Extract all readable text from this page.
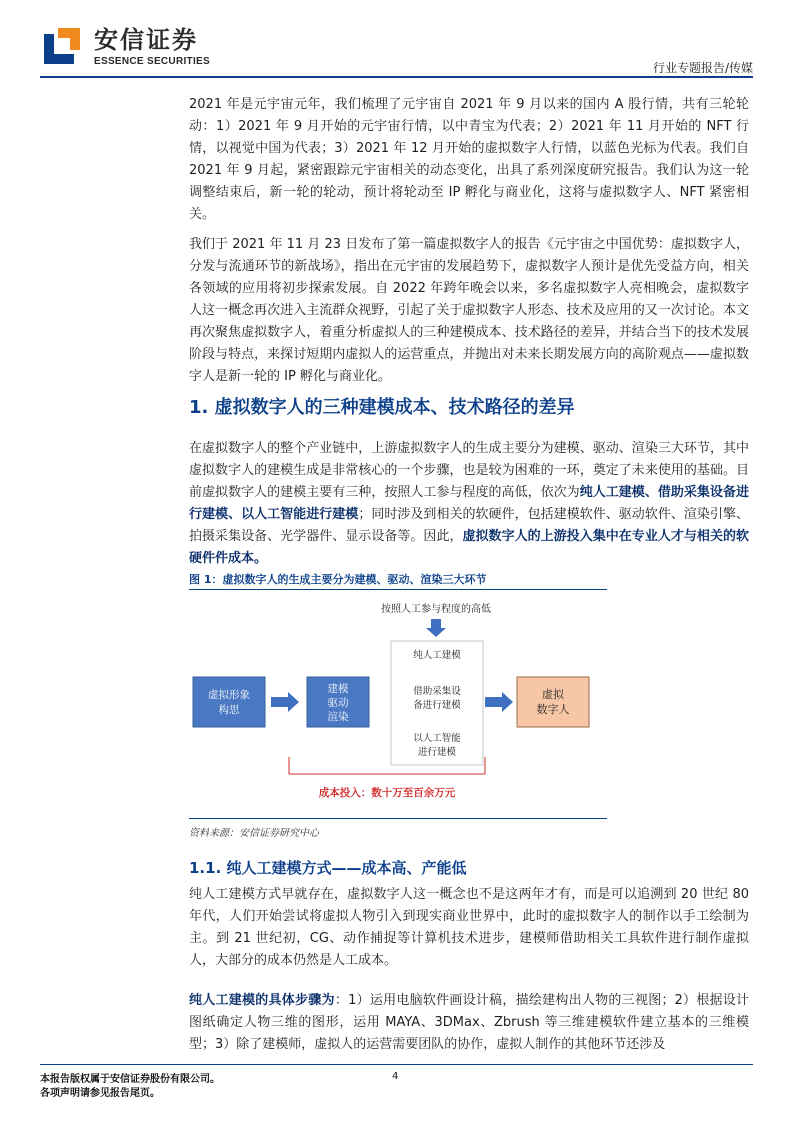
安信证券
ESSENCE SECURITIES	行业专题报告/传媒

2021 年是元宇宙元年，我们梳理了元宇宙自 2021 年 9 月以来的国内 A 股行情，共有三轮轮动：1）2021 年 9 月开始的元宇宙行情，以中青宝为代表；2）2021 年 11 月开始的 NFT 行情，以视觉中国为代表；3）2021 年 12 月开始的虚拟数字人行情，以蓝色光标为代表。我们自 2021 年 9 月起，紧密跟踪元宇宙相关的动态变化，出具了系列深度研究报告。我们认为这一轮调整结束后，新一轮的轮动，预计将轮动至 IP 孵化与商业化，这将与虚拟数字人、NFT 紧密相关。

我们于 2021 年 11 月 23 日发布了第一篇虚拟数字人的报告《元宇宙之中国优势：虚拟数字人，分发与流通环节的新战场》，指出在元宇宙的发展趋势下，虚拟数字人预计是优先受益方向，相关各领域的应用将初步探索发展。自 2022 年跨年晚会以来，多名虚拟数字人亮相晚会，虚拟数字人这一概念再次进入主流群众视野，引起了关于虚拟数字人形态、技术及应用的又一次讨论。本文再次聚焦虚拟数字人，着重分析虚拟人的三种建模成本、技术路径的差异，并结合当下的技术发展阶段与特点，来探讨短期内虚拟人的运营重点，并抛出对未来长期发展方向的高阶观点——虚拟数字人是新一轮的 IP 孵化与商业化。

1. 虚拟数字人的三种建模成本、技术路径的差异

在虚拟数字人的整个产业链中，上游虚拟数字人的生成主要分为建模、驱动、渲染三大环节，其中虚拟数字人的建模生成是非常核心的一个步骤，也是较为困难的一环，奠定了未来使用的基础。目前虚拟数字人的建模主要有三种，按照人工参与程度的高低，依次为纯人工建模、借助采集设备进行建模、以人工智能进行建模；同时涉及到相关的软硬件，包括建模软件、驱动软件、渲染引擎、拍摄采集设备、光学器件、显示设备等。因此，虚拟数字人的上游投入集中在专业人才与相关的软硬件件成本。

图 1：虚拟数字人的生成主要分为建模、驱动、渲染三大环节
按照人工参与程度的高低
纯人工建模
借助采集设
备进行建模
以人工智能
进行建模
虚拟形象
构思
建模
驱动
渲染
虚拟
数字人
成本投入：数十万至百余万元
资料来源：安信证券研究中心
1.1. 纯人工建模方式——成本高、产能低

纯人工建模方式早就存在，虚拟数字人这一概念也不是这两年才有，而是可以追溯到 20 世纪 80 年代，人们开始尝试将虚拟人物引入到现实商业世界中，此时的虚拟数字人的制作以手工绘制为主。到 21 世纪初，CG、动作捕捉等计算机技术进步，建模师借助相关工具软件进行制作虚拟人，大部分的成本仍然是人工成本。

纯人工建模的具体步骤为：1）运用电脑软件画设计稿，描绘建构出人物的三视图；2）根据设计图纸确定人物三维的图形，运用 MAYA、3DMax、Zbrush 等三维建模软件建立基本的三维模型；3）除了建模师，虚拟人的运营需要团队的协作，虚拟人制作的其他环节还涉及

本报告版权属于安信证券股份有限公司。
各项声明请参见报告尾页。
4
